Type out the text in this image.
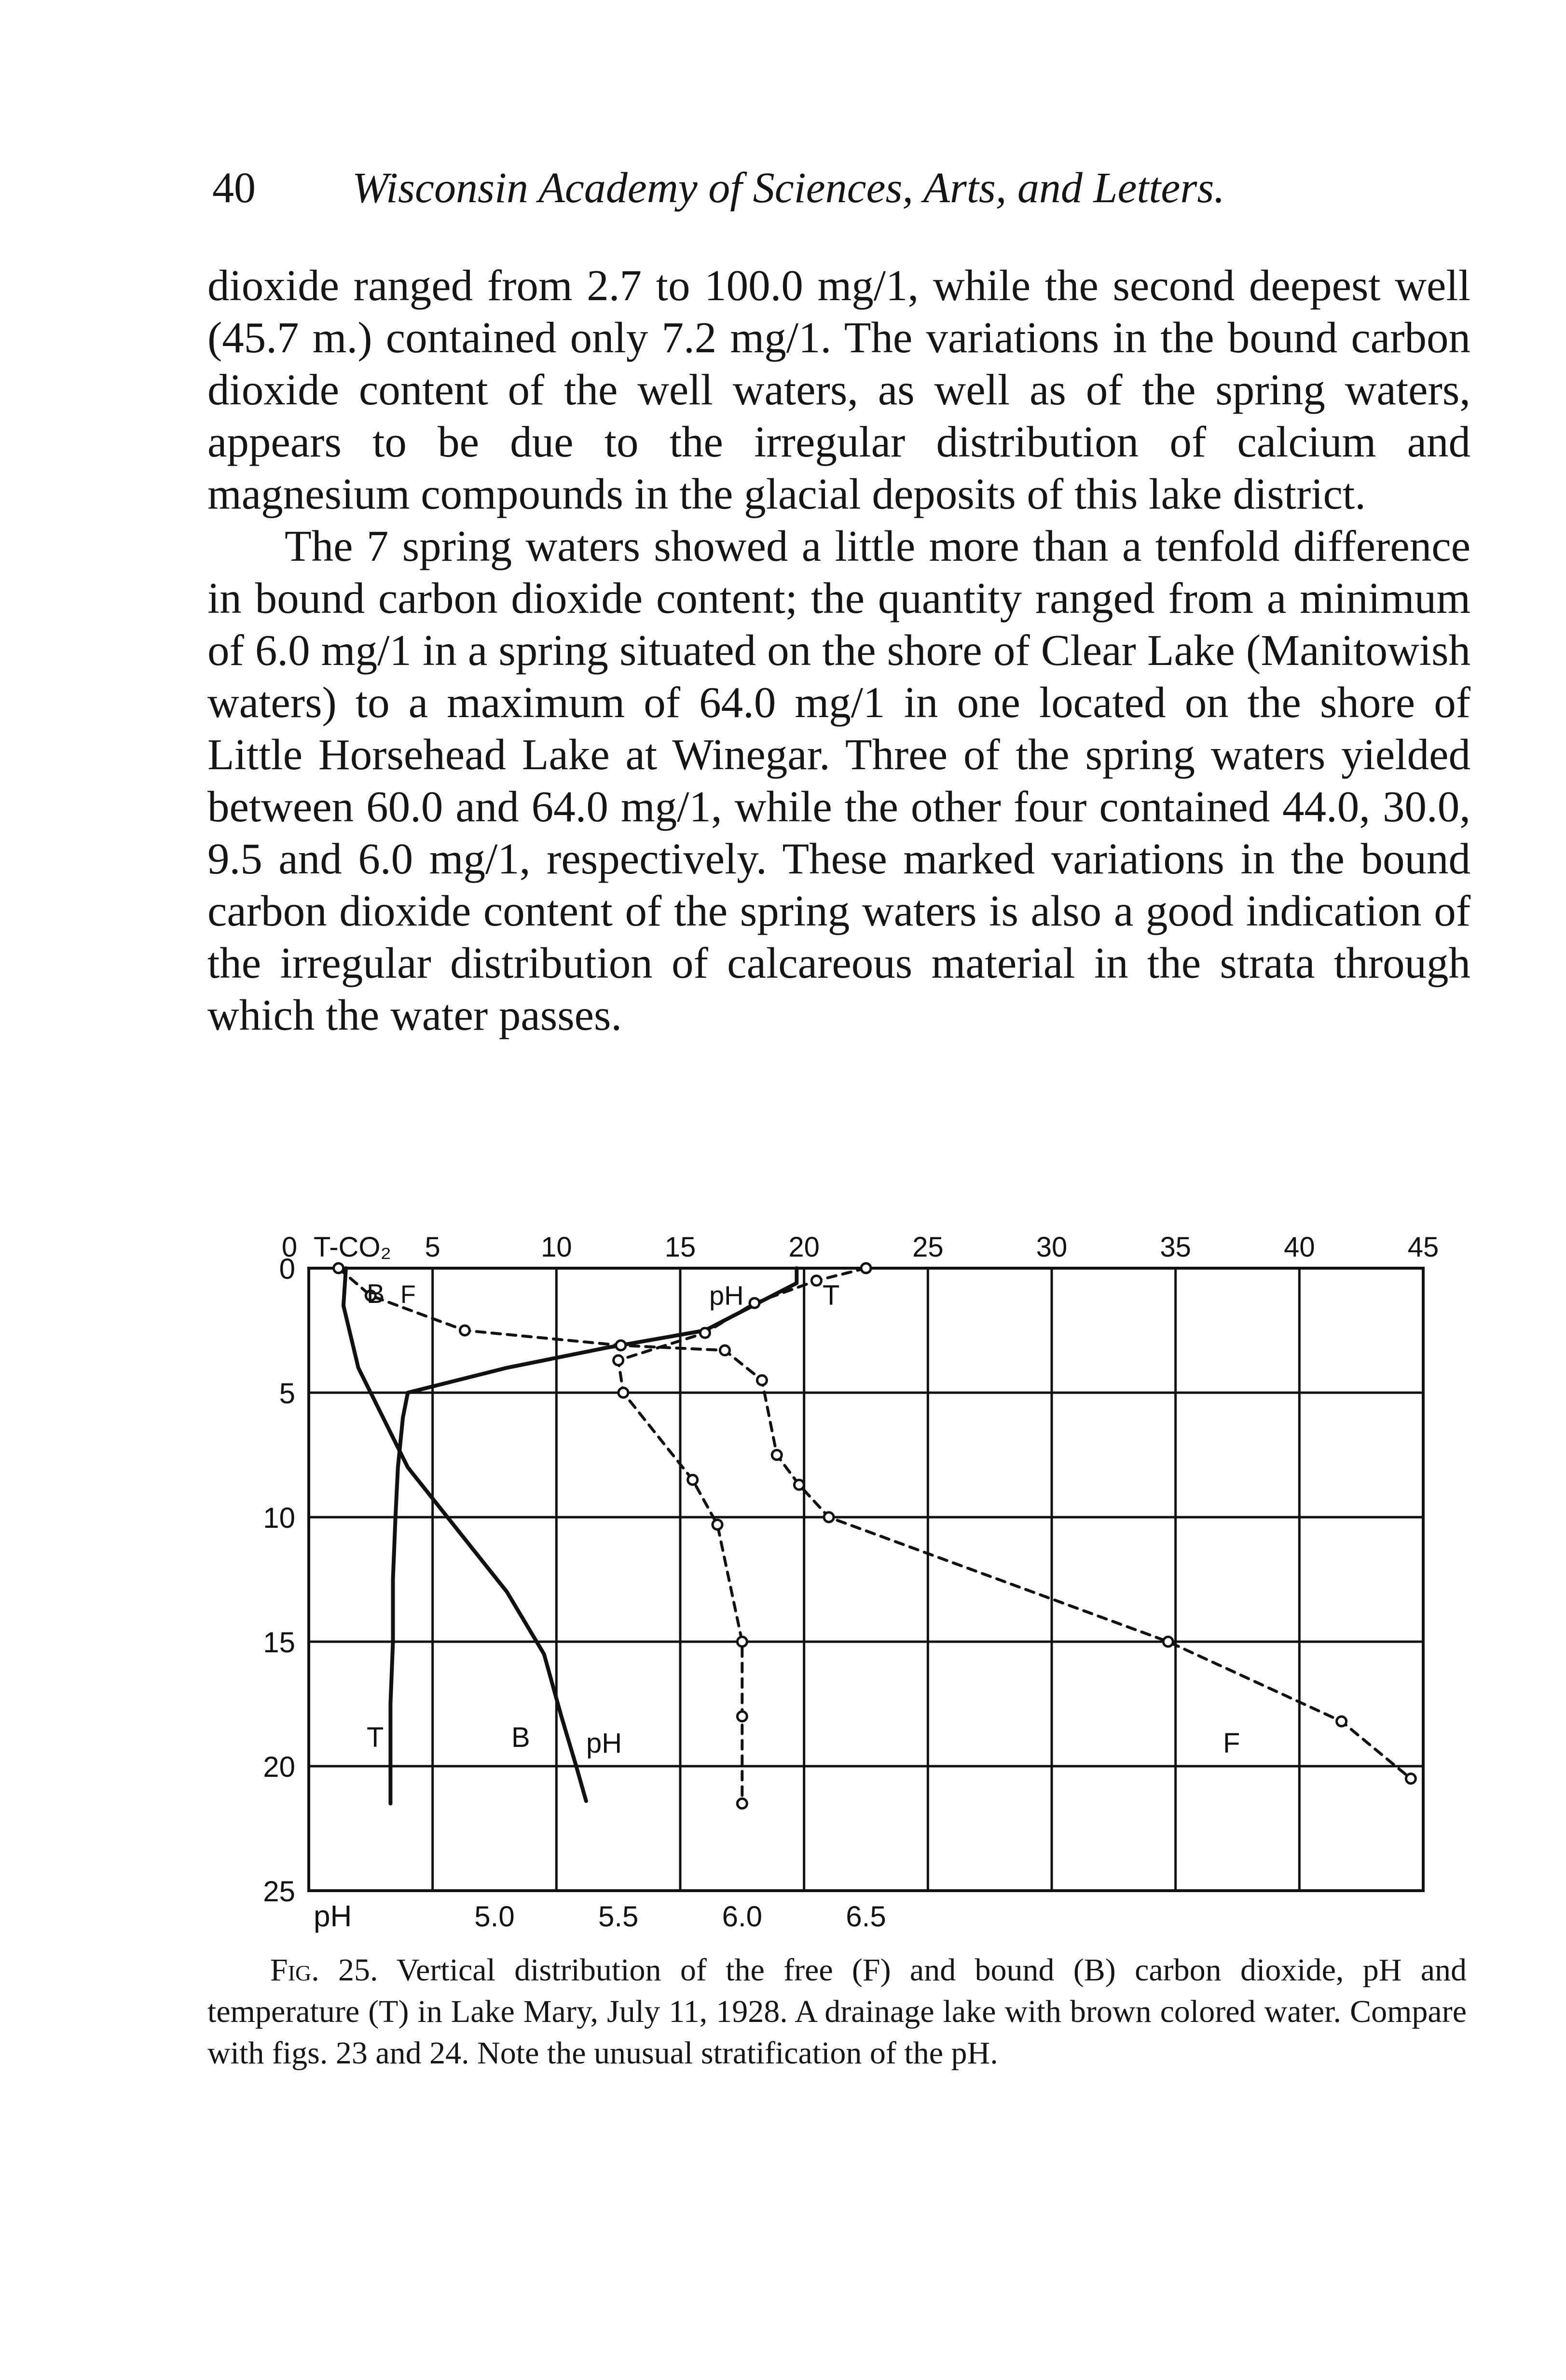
40 Wisconsin Academy of Sciences, Arts, and Letters.

dioxide ranged from 2.7 to 100.0 mg/1, while the second deepest well (45.7 m.) contained only 7.2 mg/1. The variations in the bound carbon dioxide content of the well waters, as well as of the spring waters, appears to be due to the irregular distribution of calcium and magnesium compounds in the glacial deposits of this lake district.

The 7 spring waters showed a little more than a tenfold difference in bound carbon dioxide content; the quantity ranged from a minimum of 6.0 mg/1 in a spring situated on the shore of Clear Lake (Manitowish waters) to a maximum of 64.0 mg/1 in one located on the shore of Little Horsehead Lake at Winegar. Three of the spring waters yielded between 60.0 and 64.0 mg/1, while the other four contained 44.0, 30.0, 9.5 and 6.0 mg/1, respectively. These marked variations in the bound carbon dioxide content of the spring waters is also a good indication of the irregular distribution of calcareous material in the strata through which the water passes.

T-CO₂
B F	pH	T
T	B pH	F
pH
5	10	15	20	25	30	35	40	45
0
0
5
10
15
20
25
5.0	5.5	6.0	6.5
Fig. 25. Vertical distribution of the free (F) and bound (B) carbon dioxide, pH and temperature (T) in Lake Mary, July 11, 1928. A drainage lake with brown colored water. Compare with figs. 23 and 24. Note the unusual stratification of the pH.
